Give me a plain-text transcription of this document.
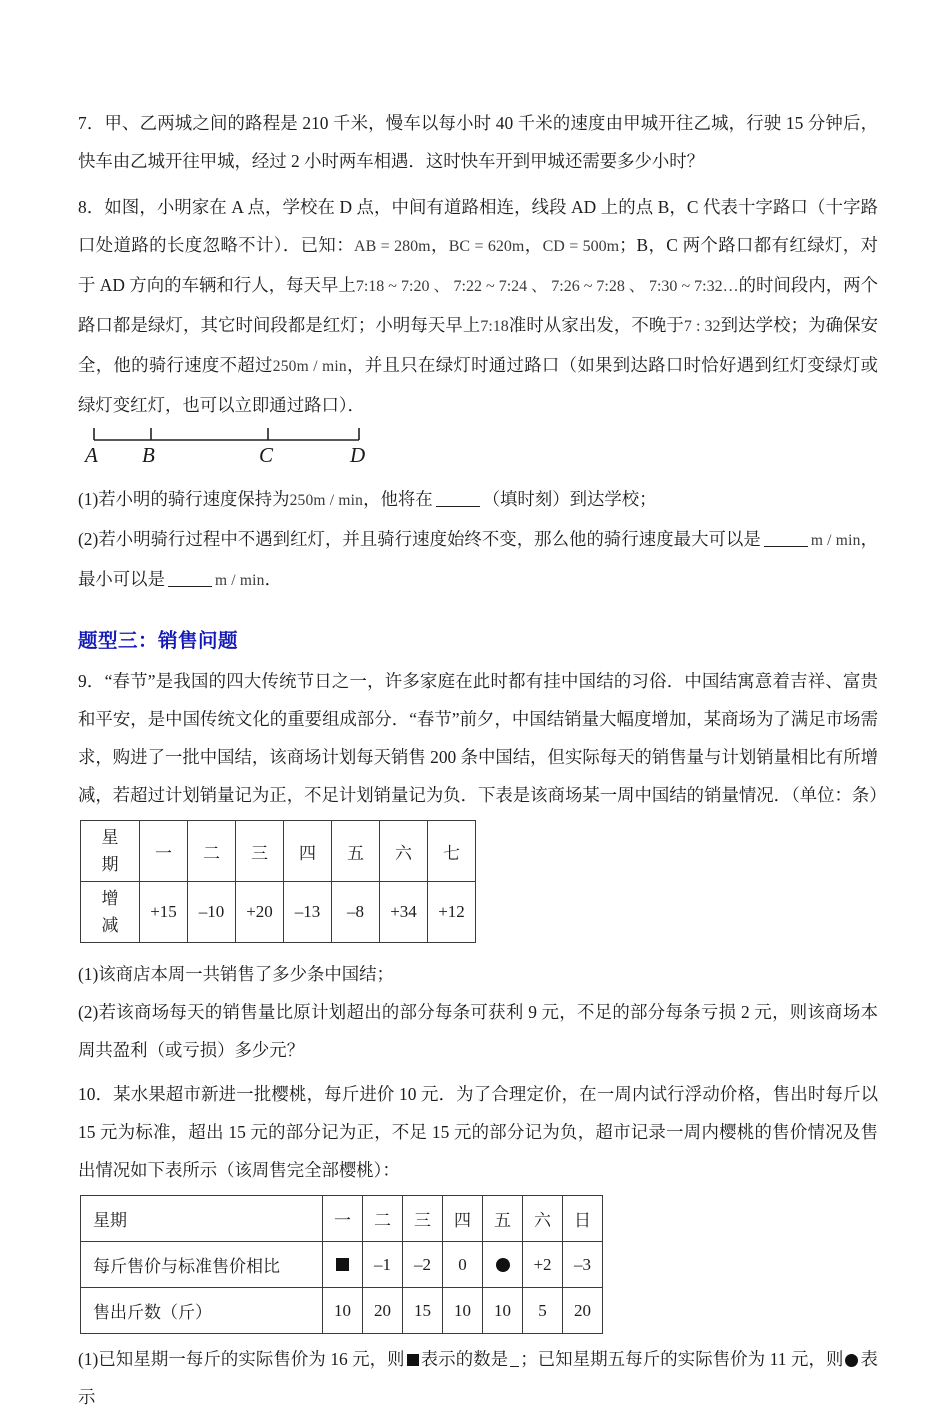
7．甲、乙两城之间的路程是 210 千米，慢车以每小时 40 千米的速度由甲城开往乙城，行驶 15 分钟后，快车由乙城开往甲城，经过 2 小时两车相遇．这时快车开到甲城还需要多少小时？

8．如图，小明家在 A 点，学校在 D 点，中间有道路相连，线段 AD 上的点 B，C 代表十字路口（十字路口处道路的长度忽略不计）．已知：AB = 280m，BC = 620m，CD = 500m；B，C 两个路口都有红绿灯，对于 AD 方向的车辆和行人，每天早上7:18 ~ 7:20 、 7:22 ~ 7:24 、 7:26 ~ 7:28 、 7:30 ~ 7:32…的时间段内，两个路口都是绿灯，其它时间段都是红灯；小明每天早上7:18准时从家出发，不晚于7 : 32到达学校；为确保安全，他的骑行速度不超过250m / min，并且只在绿灯时通过路口（如果到达路口时恰好遇到红灯变绿灯或绿灯变红灯，也可以立即通过路口）．

A B	C	D

(1)若小明的骑行速度保持为250m / min，他将在	（填时刻）到达学校；

(2)若小明骑行过程中不遇到红灯，并且骑行速度始终不变，那么他的骑行速度最大可以是	m / min，最小可以是	m / min．

题型三：销售问题

9．“春节”是我国的四大传统节日之一，许多家庭在此时都有挂中国结的习俗．中国结寓意着吉祥、富贵和平安，是中国传统文化的重要组成部分．“春节”前夕，中国结销量大幅度增加，某商场为了满足市场需求，购进了一批中国结，该商场计划每天销售 200 条中国结，但实际每天的销售量与计划销量相比有所增减，若超过计划销量记为正，不足计划销量记为负．下表是该商场某一周中国结的销量情况．（单位：条）

星
期	一	二	三	四	五	六	七

增
减	+15	–10	+20	–13	–8	+34	+12

(1)该商店本周一共销售了多少条中国结；

(2)若该商场每天的销售量比原计划超出的部分每条可获利 9 元，不足的部分每条亏损 2 元，则该商场本周共盈利（或亏损）多少元？

10．某水果超市新进一批樱桃，每斤进价 10 元．为了合理定价，在一周内试行浮动价格，售出时每斤以 15 元为标准，超出 15 元的部分记为正，不足 15 元的部分记为负，超市记录一周内樱桃的售价情况及售出情况如下表所示（该周售完全部樱桃）：

星期	一	二	三	四	五	六	日
每斤售价与标准售价相比		–1	–2	0		+2	–3
售出斤数（斤）	10	20	15	10	10	5	20

(1)已知星期一每斤的实际售价为 16 元，则 表示的数是 ；已知星期五每斤的实际售价为 11 元，则 表示
